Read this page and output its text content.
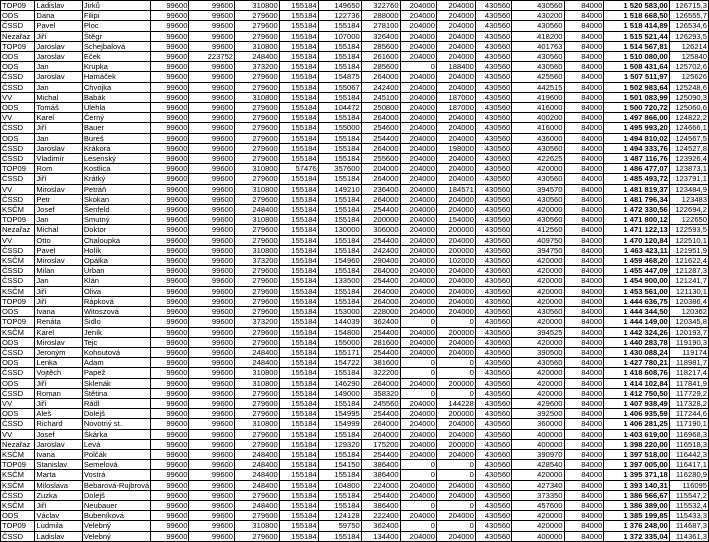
TOP09	Ladislav	Jirků	99600	99600	310800	155184	149650	322760	204000	204000	430560	430560	84000	1 520 583,00	126715,3
ODS	Dana	Filipi	99600	99600	279600	155184	122736	288000	204000	204000	430560	430200	84000	1 518 668,50	126555,7
ČSSD	Pavel	Ploc	99600	99600	279600	155184	155184	278100	204000	204000	430560	430560	84000	1 518 414,89	126534,6
Nezařaz	Jiří	Štěgr	99600	99600	279600	155184	107000	326400	204000	204000	430560	418200	84000	1 515 521,44	126293,5
TOP09	Jaroslav	Schejbalová	99600	99600	310800	155184	155184	285600	204000	204000	430560	401763	84000	1 514 567,81	126214
ODS	Jaroslav	Eček	99600	223752	248400	155184	155184	261600	204000	204000	430560	430560	84000	1 510 080,00	125840
ODS	Jan	Krupka	99600	99600	373200	155184	155184	285600	0	188400	430560	430560	84000	1 508 431,64	125702,6
ČSSD	Jaroslav	Hamáček	99600	99600	279600	155184	154875	264000	204000	204000	430560	425560	84000	1 507 511,97	125626
ČSSD	Jan	Chvojka	99600	99600	279600	155184	155067	242400	204000	204000	430560	442515	84000	1 502 983,64	125248,6
VV	Michal	Babák	99600	99600	310800	155184	155184	245100	204000	187000	430560	419600	84000	1 501 083,99	125090,3
ODS	Tomáš	Úlehla	99600	99600	279600	155184	104472	250800	204000	187000	430560	416000	84000	1 500 720,72	125060,6
VV	Karel	Černý	99600	99600	279600	155184	155184	264000	204000	204000	430560	400200	84000	1 497 866,00	124822,2
ČSSD	Jiří	Bauer	99600	99600	279600	155184	155000	254600	204000	204000	430560	416000	84000	1 495 993,20	124666,1
ODS	Jan	Bureš	99600	99600	279600	155184	155184	254400	204000	204000	430560	436000	84000	1 494 810,02	124567,5
ČSSD	Jaroslav	Krákora	99600	99600	279600	155184	155184	264000	204000	198000	430560	430560	84000	1 494 333,76	124527,8
ČSSD	Vladimír	Lesenský	99600	99600	279600	155184	155184	255600	204000	204000	430560	422625	84000	1 487 116,76	123926,4
TOP09	Rom	Kostlica	99600	99600	310800	57476	357600	204000	204000	204000	430560	420000	84000	1 486 477,07	123873,1
ČSSD	Jiří	Krátký	99600	99600	279600	155184	155184	264000	204000	204000	430560	430560	84000	1 485 493,72	123791,1
VV	Miroslav	Petráň	99600	99600	310800	155184	149210	236400	204000	184571	430560	394570	84000	1 481 819,37	123484,9
ČSSD	Petr	Skokan	99600	99600	279600	155184	155184	264000	204000	204000	430560	430560	84000	1 481 796,34	123483
KSČM	Josef	Šenfeld	99600	99600	248400	155184	155184	254400	204000	204000	430560	420000	84000	1 472 330,56	122694,2
TOP09	Jan	Smutný	99600	99600	310800	155184	155184	200000	204000	154000	430560	430560	84000	1 471 800,12	122650
Nezařaz	Michal	Doktor	99600	99600	279600	155184	130000	306000	204000	200000	430560	412560	84000	1 471 122,13	122593,5
VV	Otto	Chaloupka	99600	99600	279600	155184	155184	254400	204000	204000	430560	409750	84000	1 470 120,84	122510,1
ČSSD	Pavel	Holík	99600	99600	310800	155184	155184	242400	204000	200000	430560	394750	84000	1 463 423,11	121951,9
KSČM	Miroslav	Opálka	99600	99600	373200	155184	154960	290400	204000	102000	430560	420000	84000	1 459 468,20	121622,4
ČSSD	Milan	Urban	99600	99600	279600	155184	155184	264000	204000	204000	430560	420000	84000	1 455 447,09	121287,3
ČSSD	Jan	Klán	99600	99600	279600	155184	133500	254400	204000	204000	430560	420000	84000	1 454 900,00	121241,7
KSČM	Jiří	Oliva	99600	99600	279600	155184	155184	264000	204000	204000	430560	420000	84000	1 453 561,00	121130,1
TOP09	Jiří	Rápková	99600	99600	279600	155184	155184	264000	204000	204000	430560	420000	84000	1 444 636,75	120386,4
ODS	Ivana	Witoszová	99600	99600	279600	155184	153000	228000	204000	204000	430560	430560	84000	1 444 344,50	120362
TOP09	Renáta	Šidlo	99600	99600	373200	155184	144039	362400	0	0	430560	420000	84000	1 444 149,00	120345,8
KSČM	Karel	Jeník	99600	99600	279600	155184	154800	254400	204000	200000	430560	394525	84000	1 442 324,26	120193,7
ODS	Miroslav	Tejc	99600	99600	279600	155184	155000	281600	204000	204000	430560	420000	84000	1 440 283,78	119190,3
ČSSD	Jeroným	Kohoutová	99600	99600	248400	155184	155171	254400	204000	204000	430560	390500	84000	1 430 088,24	119174
ODS	Lenka	Adam	99600	99600	248400	155184	154722	381600	0	0	430560	430560	84000	1 427 780,21	118981,7
ČSSD	Vojtěch	Papež	99600	99600	310800	155184	155184	322200	0	0	430560	420000	84000	1 418 608,76	118217,4
ODS	Jiří	Sklenák	99600	99600	310800	155184	146290	264000	204000	200000	430560	420000	84000	1 414 102,84	117841,9
ČSSD	Roman	Štětina	99600	99600	279600	155184	149000	358320	0	0	430560	420000	84000	1 412 750,50	117729,2
VV	Jiří	Rádl	99600	99600	279600	155184	155184	245560	204000	144228	430560	429600	84000	1 407 938,49	117328,2
ODS	Aleš	Dolejš	99600	99600	279600	155184	154995	254400	204000	200000	430560	392500	84000	1 406 935,59	117244,6
ČSSD	Richard	Novotný st.	99600	99600	310800	155184	154999	264000	204000	204000	430560	360000	84000	1 406 281,25	117190,1
VV	Josef	Škárka	99600	99600	279600	155184	155184	264000	204000	204000	430560	400000	84000	1 403 619,00	116968,3
Nezařaz	Jaroslav	Levá	99600	99600	279600	155184	129320	175200	204000	200000	430560	400000	84000	1 398 220,00	116518,3
KSČM	Ivana	Polčák	99600	99600	248400	155184	155184	254400	204000	204000	430560	390970	84000	1 397 518,00	116442,3
TOP09	Stanislav	Semelová	99600	99600	248400	155184	154150	386400	0	0	430560	428540	84000	1 397 005,00	116417,1
KSČM	Marta	Vostrá	99600	99600	248400	155184	155184	386400	0	0	430560	420000	84000	1 395 371,18	116280,9
KSČM	Miloslava	Bebarová-Rujbrová	99600	99600	248400	155184	104800	224000	204000	204000	430560	427340	84000	1 393 140,31	116095
ČSSD	Zuzka	Dolejš	99600	99600	279600	155184	155184	254400	204000	204000	430560	373350	84000	1 386 566,67	115547,2
KSČM	Jiří	Neubauer	99600	99600	248400	155184	155184	386400	0	0	430560	457600	84000	1 386 389,00	115532,4
ODS	Václav	Bubeníková	99600	99600	279600	155184	124128	222400	204000	204000	430560	420000	84000	1 385 199,85	115433,3
TOP09	Ludmila	Velebný	99600	99600	310800	155184	59750	362400	0	0	430560	420000	84000	1 376 248,00	114687,3
ČSSD	Ladislav	Velebný	99600	99600	279600	155184	155184	134400	204000	204000	430560	400000	84000	1 372 335,04	114361,3
